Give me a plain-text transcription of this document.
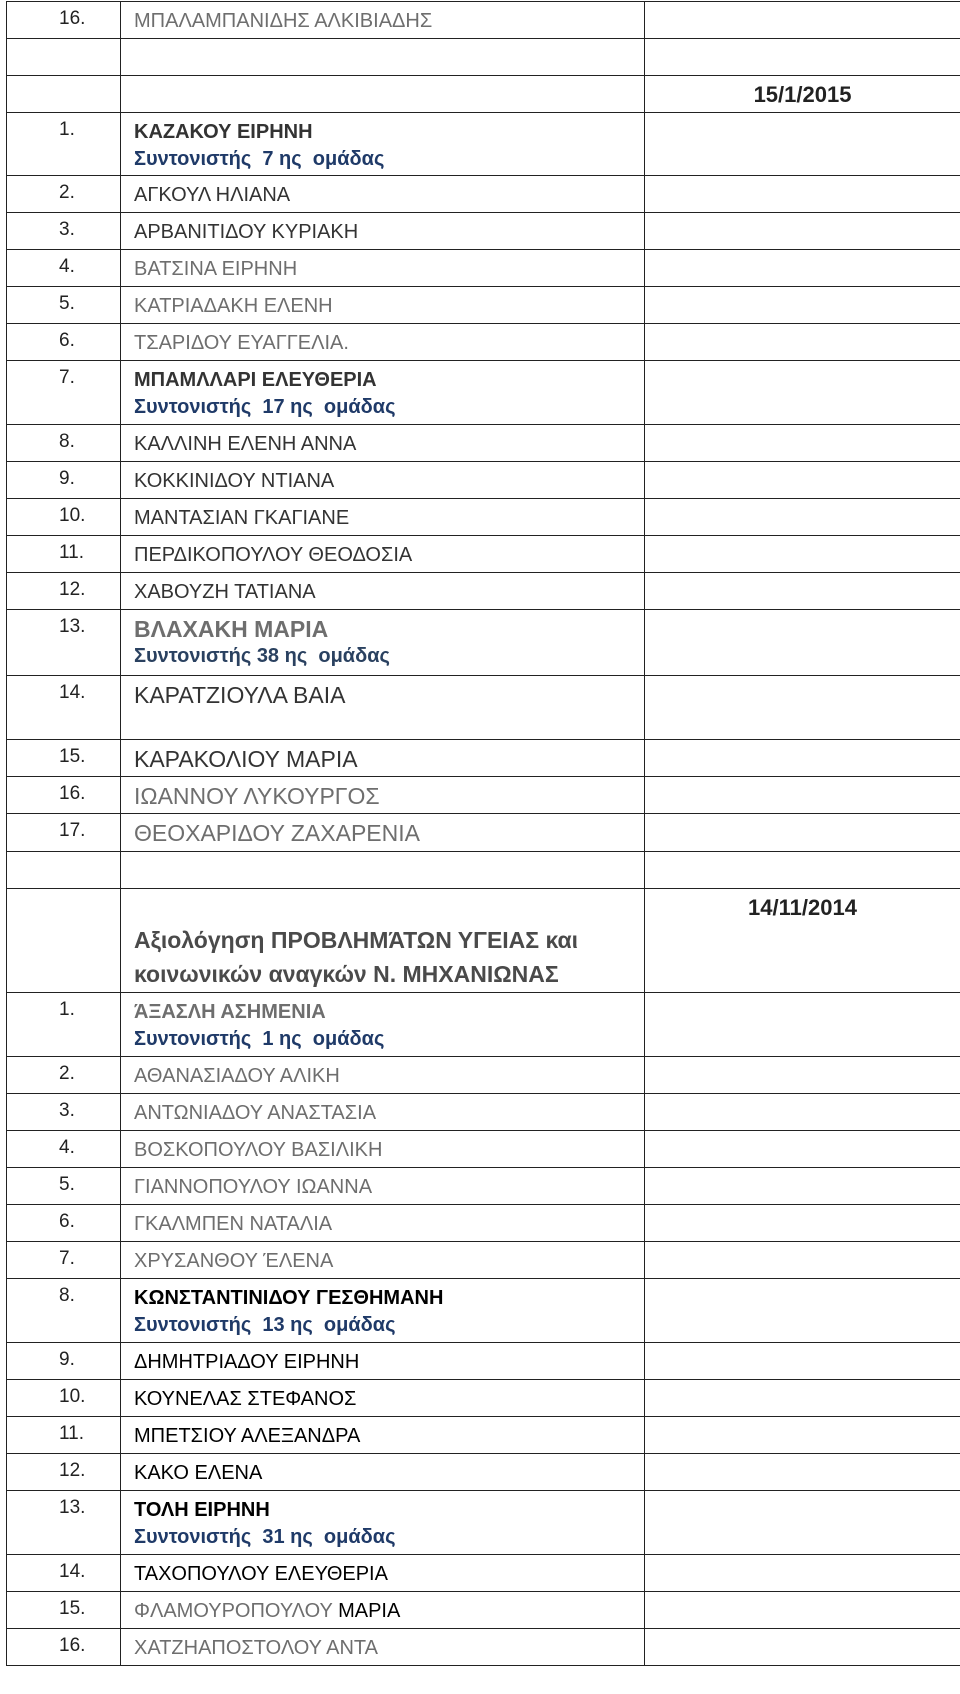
16.	ΜΠΑΛΑΜΠΑΝΙΔΗΣ ΑΛΚΙΒΙΑΔΗΣ	

		15/1/2015
1.	ΚΑΖΑΚΟΥ ΕΙΡΗΝΗ
Συντονιστής  7 ης  ομάδας	

2.	ΑΓΚΟΥΛ ΗΛΙΑΝΑ	

3.	ΑΡΒΑΝΙΤΙΔΟΥ ΚΥΡΙΑΚΗ	

4.	ΒΑΤΣΙΝΑ ΕΙΡΗΝΗ	

5.	ΚΑΤΡΙΑΔΑΚΗ ΕΛΕΝΗ	

6.	ΤΣΑΡΙΔΟΥ ΕΥΑΓΓΕΛΙΑ.	

7.	ΜΠΑΜΛΛΑΡΙ ΕΛΕΥΘΕΡΙΑ
Συντονιστής  17 ης  ομάδας	

8.	ΚΑΛΛΙΝΗ ΕΛΕΝΗ ΑΝΝΑ	

9.	ΚΟΚΚΙΝΙΔΟΥ ΝΤΙΑΝΑ	

10.	ΜΑΝΤΑΣΙΑΝ ΓΚΑΓΙΑΝΕ	

11.	ΠΕΡΔΙΚΟΠΟΥΛΟΥ ΘΕΟΔΟΣΙΑ	

12.	ΧΑΒΟΥΖΗ ΤΑΤΙΑΝΑ	

13.	ΒΛΑΧΑΚΗ ΜΑΡΙΑ
Συντονιστής 38 ης  ομάδας	

14.	ΚΑΡΑΤΖΙΟΥΛΑ ΒΑΙΑ	

15.	ΚΑΡΑΚΟΛΙΟΥ ΜΑΡΙΑ	

16.	ΙΩΑΝΝΟΥ ΛΥΚΟΥΡΓΟΣ	

17.	ΘΕΟΧΑΡΙΔΟΥ ΖΑΧΑΡΕΝΙΑ	

	Αξιολόγηση ΠΡΟΒΛΗΜΆΤΩΝ ΥΓΕΙΑΣ και κοινωνικών αναγκών Ν. ΜΗΧΑΝΙΩΝΑΣ	14/11/2014
1.	ΆΞΑΣΛΗ ΑΣΗΜΕΝΙΑ
Συντονιστής  1 ης  ομάδας	

2.	ΑΘΑΝΑΣΙΑΔΟΥ ΑΛΙΚΗ	

3.	ΑΝΤΩΝΙΑΔΟΥ ΑΝΑΣΤΑΣΙΑ	

4.	ΒΟΣΚΟΠΟΥΛΟΥ ΒΑΣΙΛΙΚΗ	

5.	ΓΙΑΝΝΟΠΟΥΛΟΥ ΙΩΑΝΝΑ	

6.	ΓΚΑΛΜΠΕΝ ΝΑΤΑΛΙΑ	

7.	ΧΡΥΣΑΝΘΟΥ ΈΛΕΝΑ	

8.	ΚΩΝΣΤΑΝΤΙΝΙΔΟΥ ΓΕΣΘΗΜΑΝΗ
Συντονιστής  13 ης  ομάδας	

9.	ΔΗΜΗΤΡΙΑΔΟΥ ΕΙΡΗΝΗ	

10.	ΚΟΥΝΕΛΑΣ ΣΤΕΦΑΝΟΣ	

11.	ΜΠΕΤΣΙΟΥ ΑΛΕΞΑΝΔΡΑ	

12.	ΚΑΚΟ ΕΛΕΝΑ	

13.	ΤΟΛΗ ΕΙΡΗΝΗ
Συντονιστής  31 ης  ομάδας	

14.	ΤΑΧΟΠΟΥΛΟΥ ΕΛΕΥΘΕΡΙΑ	

15.	ΦΛΑΜΟΥΡΟΠΟΥΛΟΥ ΜΑΡΙΑ	

16.	ΧΑΤΖΗΑΠΟΣΤΟΛΟΥ ΑΝΤΑ	
